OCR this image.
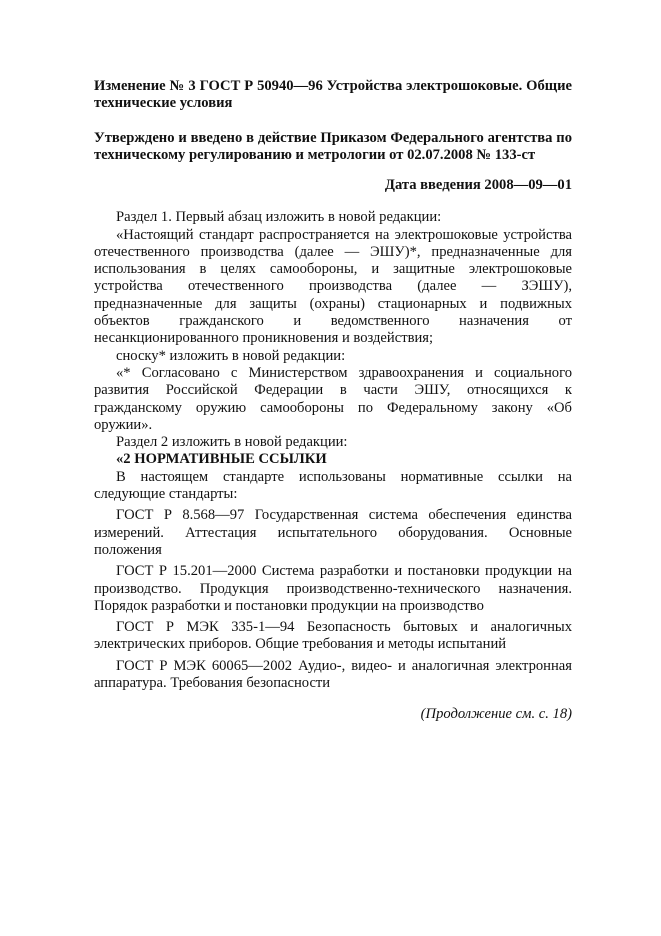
Изменение № 3 ГОСТ Р 50940—96 Устройства электрошоковые. Общие технические условия

Утверждено и введено в действие Приказом Федерального агентства по техническому регулированию и метрологии от 02.07.2008 № 133-ст

Дата введения 2008—09—01

Раздел 1. Первый абзац изложить в новой редакции:

«Настоящий стандарт распространяется на электрошоковые устройства отечественного производства (далее — ЭШУ)*, предназначенные для использования в целях самообороны, и защитные электрошоковые устройства отечественного производства (далее — ЗЭШУ), предназначенные для защиты (охраны) стационарных и подвижных объектов гражданского и ведомственного назначения от несанкционированного проникновения и воздействия;

сноску* изложить в новой редакции:

«* Согласовано с Министерством здравоохранения и социального развития Российской Федерации в части ЭШУ, относящихся к гражданскому оружию самообороны по Федеральному закону «Об оружии».

Раздел 2 изложить в новой редакции:

«2 НОРМАТИВНЫЕ ССЫЛКИ

В настоящем стандарте использованы нормативные ссылки на следующие стандарты:

ГОСТ Р 8.568—97 Государственная система обеспечения единства измерений. Аттестация испытательного оборудования. Основные положения

ГОСТ Р 15.201—2000 Система разработки и постановки продукции на производство. Продукция производственно-технического назначения. Порядок разработки и постановки продукции на производство

ГОСТ Р МЭК 335-1—94 Безопасность бытовых и аналогичных электрических приборов. Общие требования и методы испытаний

ГОСТ Р МЭК 60065—2002 Аудио-, видео- и аналогичная электронная аппаратура. Требования безопасности

(Продолжение см. с. 18)
